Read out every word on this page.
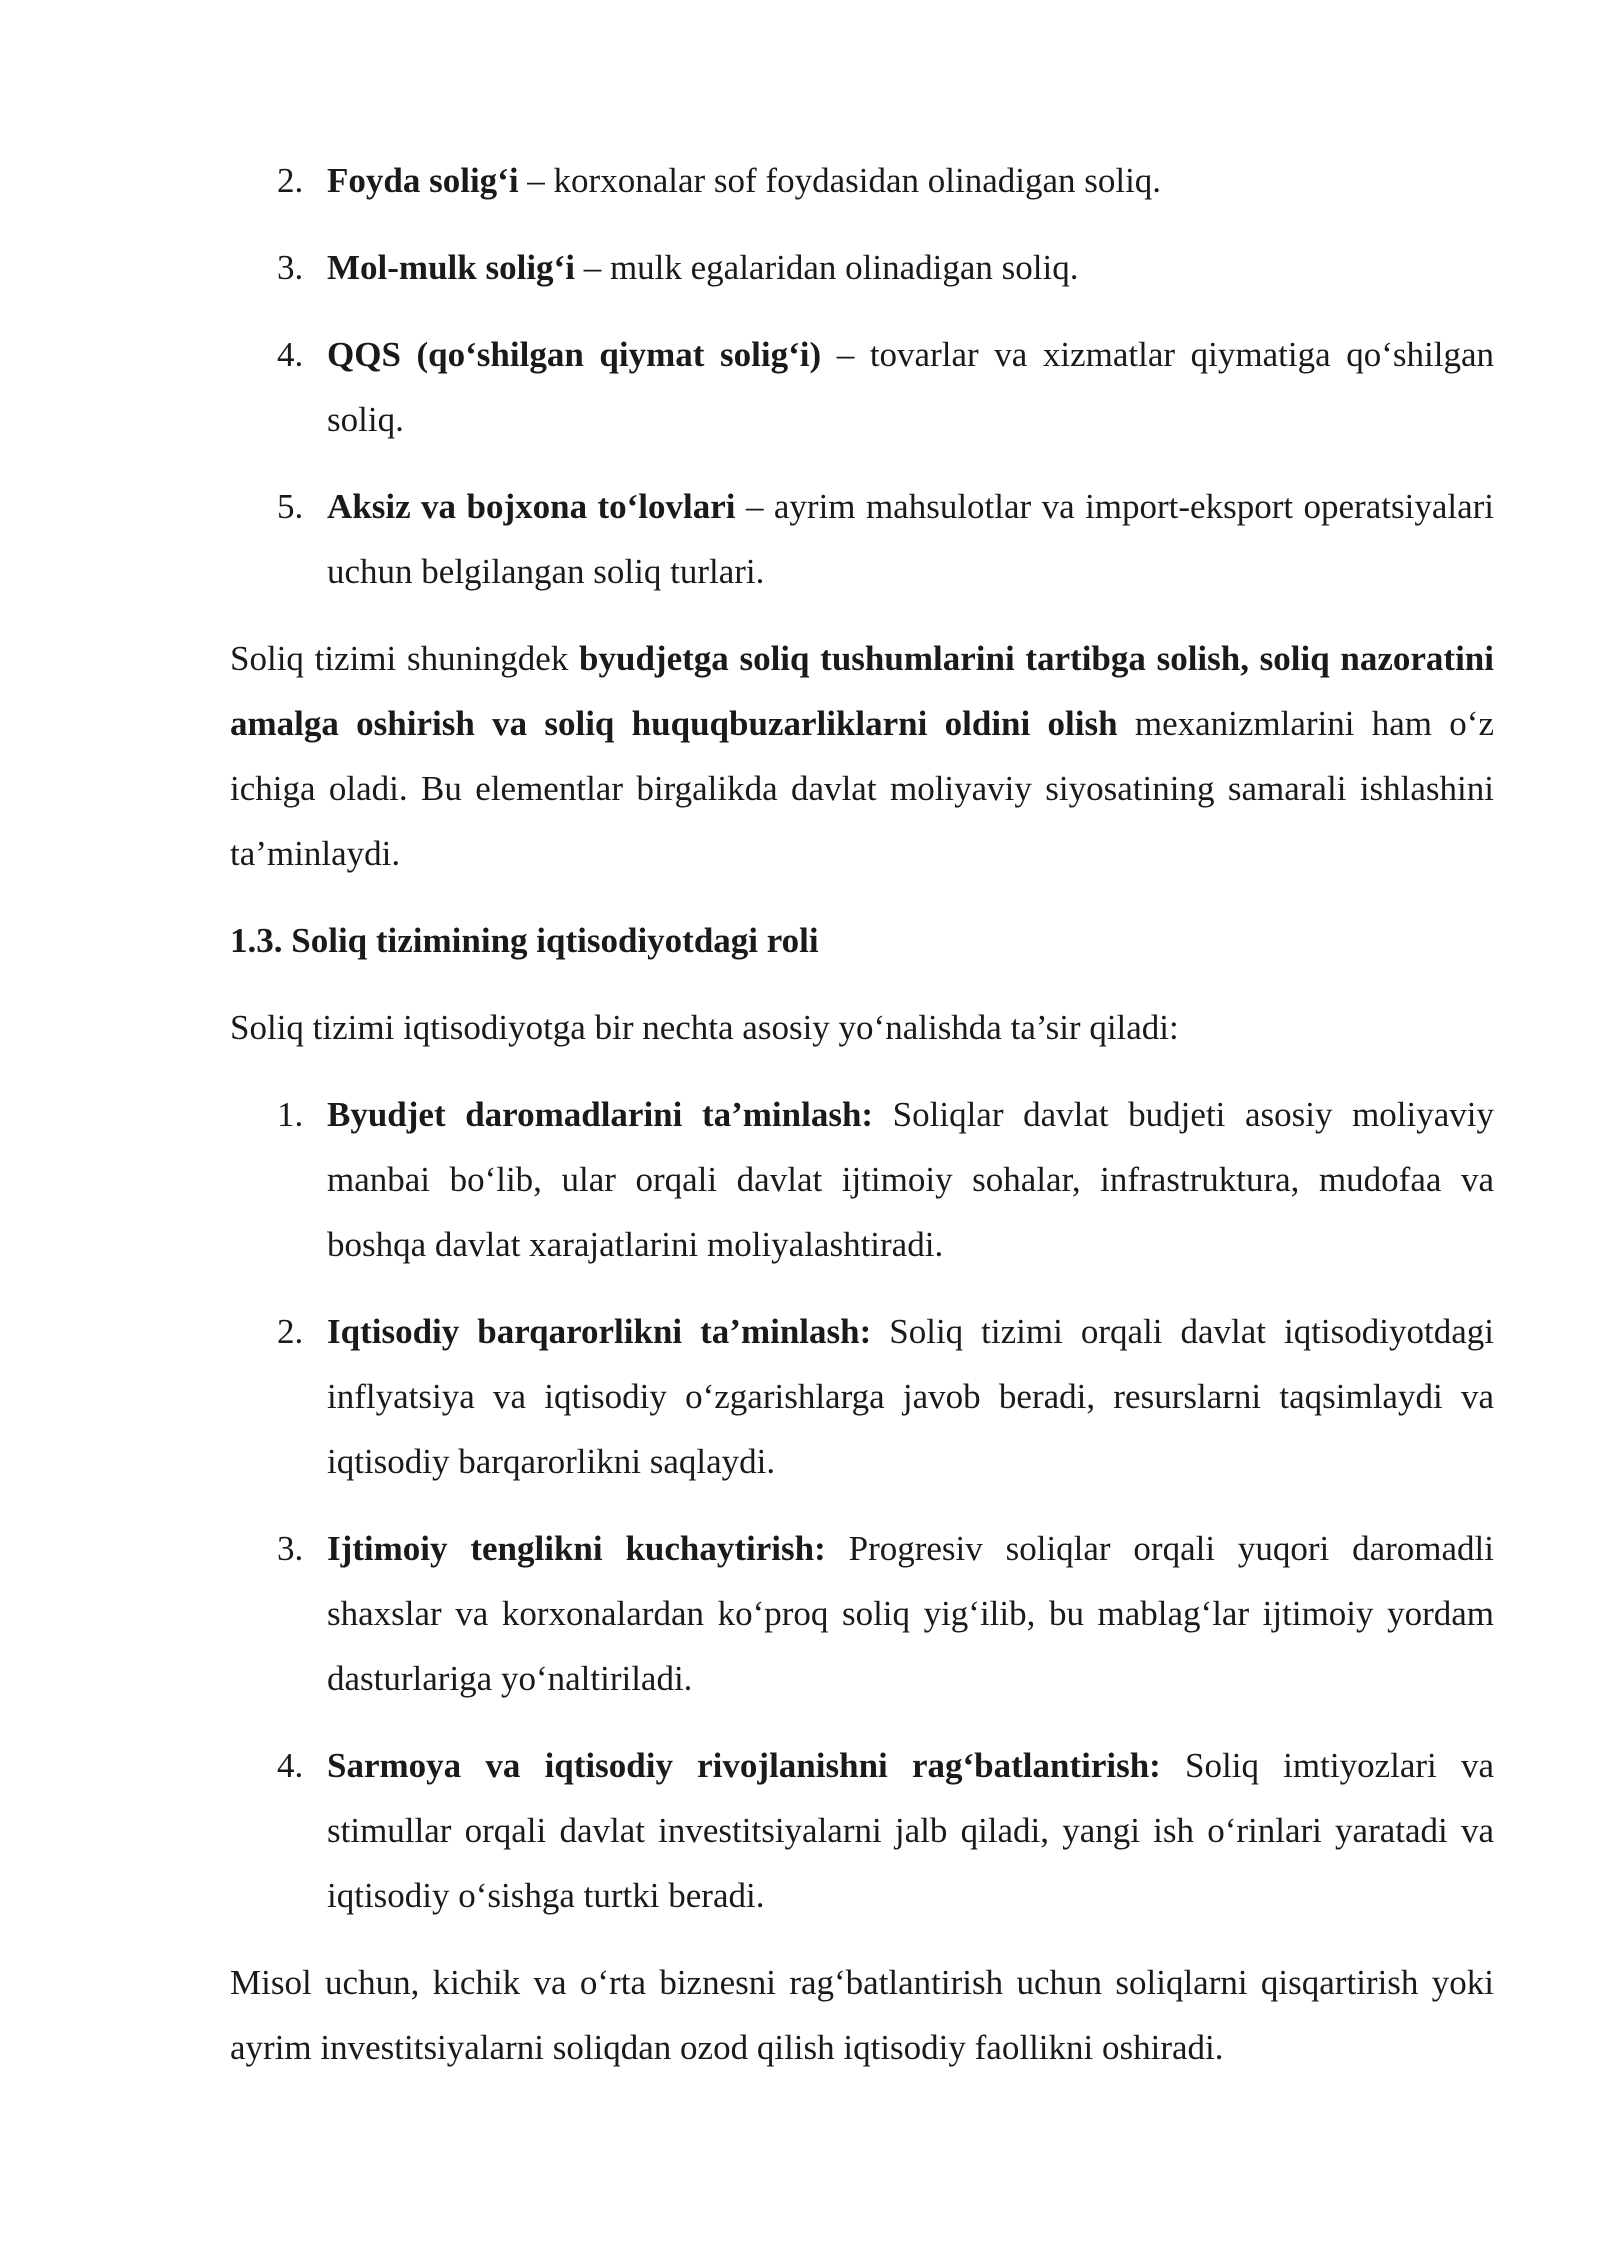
2. Foyda solig‘i – korxonalar sof foydasidan olinadigan soliq.
3. Mol-mulk solig‘i – mulk egalaridan olinadigan soliq.
4. QQS (qo‘shilgan qiymat solig‘i) – tovarlar va xizmatlar qiymatiga qo‘shilgan soliq.
5. Aksiz va bojxona to‘lovlari – ayrim mahsulotlar va import-eksport operatsiyalari uchun belgilangan soliq turlari.

Soliq tizimi shuningdek byudjetga soliq tushumlarini tartibga solish, soliq nazoratini amalga oshirish va soliq huquqbuzarliklarni oldini olish mexanizmlarini ham o‘z ichiga oladi. Bu elementlar birgalikda davlat moliyaviy siyosatining samarali ishlashini ta’minlaydi.

1.3. Soliq tizimining iqtisodiyotdagi roli

Soliq tizimi iqtisodiyotga bir nechta asosiy yo‘nalishda ta’sir qiladi:

1. Byudjet daromadlarini ta’minlash: Soliqlar davlat budjeti asosiy moliyaviy manbai bo‘lib, ular orqali davlat ijtimoiy sohalar, infrastruktura, mudofaa va boshqa davlat xarajatlarini moliyalashtiradi.
2. Iqtisodiy barqarorlikni ta’minlash: Soliq tizimi orqali davlat iqtisodiyotdagi inflyatsiya va iqtisodiy o‘zgarishlarga javob beradi, resurslarni taqsimlaydi va iqtisodiy barqarorlikni saqlaydi.
3. Ijtimoiy tenglikni kuchaytirish: Progresiv soliqlar orqali yuqori daromadli shaxslar va korxonalardan ko‘proq soliq yig‘ilib, bu mablag‘lar ijtimoiy yordam dasturlariga yo‘naltiriladi.
4. Sarmoya va iqtisodiy rivojlanishni rag‘batlantirish: Soliq imtiyozlari va stimullar orqali davlat investitsiyalarni jalb qiladi, yangi ish o‘rinlari yaratadi va iqtisodiy o‘sishga turtki beradi.

Misol uchun, kichik va o‘rta biznesni rag‘batlantirish uchun soliqlarni qisqartirish yoki ayrim investitsiyalarni soliqdan ozod qilish iqtisodiy faollikni oshiradi.
